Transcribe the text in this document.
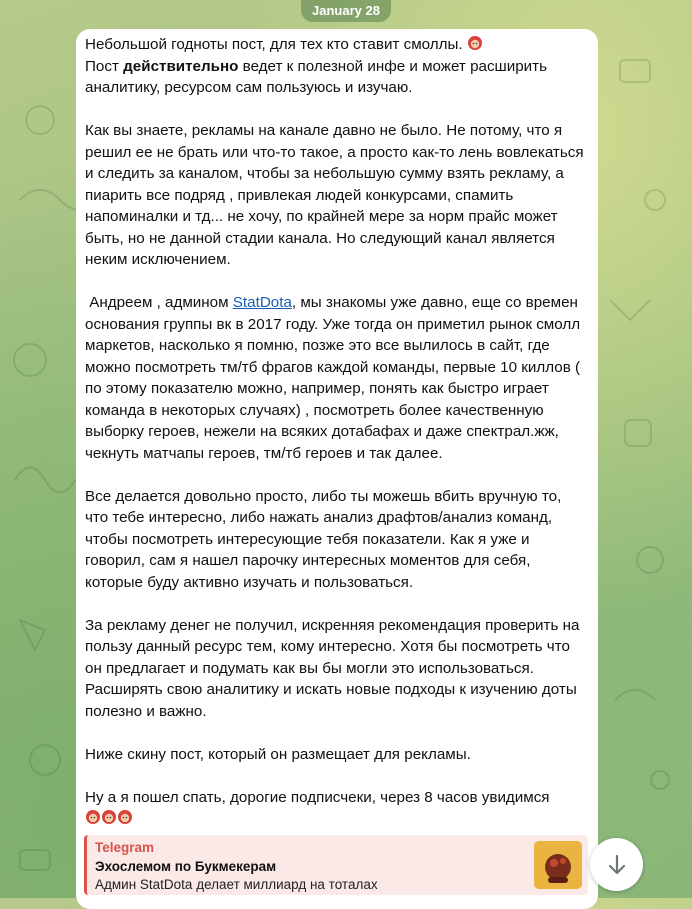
January 28

Небольшой годноты пост, для тех кто ставит смоллы.
Пост действительно ведет к полезной инфе и может расширить аналитику, ресурсом сам пользуюсь и изучаю.

Как вы знаете, рекламы на канале давно не было. Не потому, что я решил ее не брать или что-то такое, а просто как-то лень вовлекаться и следить за каналом, чтобы за небольшую сумму взять рекламу, а пиарить все подряд , привлекая людей конкурсами, спамить напоминалки и тд... не хочу, по крайней мере за норм прайс может быть, но не данной стадии канала. Но следующий канал является неким исключением.

Андреем , админом StatDota, мы знакомы уже давно, еще со времен основания группы вк в 2017 году. Уже тогда он приметил рынок смолл маркетов, насколько я помню, позже это все вылилось в сайт, где можно посмотреть тм/тб фрагов каждой команды, первые 10 киллов ( по этому показателю можно, например, понять как быстро играет команда в некоторых случаях) , посмотреть более качественную выборку героев, нежели на всяких дотабафах и даже спектрал.жж, чекнуть матчапы героев, тм/тб героев и так далее.

Все делается довольно просто, либо ты можешь вбить вручную то, что тебе интересно, либо нажать анализ драфтов/анализ команд, чтобы посмотреть интересующие тебя показатели. Как я уже и говорил, сам я нашел парочку интересных моментов для себя, которые буду активно изучать и пользоваться.

За рекламу денег не получил, искренняя рекомендация проверить на пользу данный ресурс тем, кому интересно. Хотя бы посмотреть что он предлагает и подумать как вы бы могли это использоваться. Расширять свою аналитику и искать новые подходы к изучению доты полезно и важно.

Ниже скину пост, который он размещает для рекламы.

Ну а я пошел спать, дорогие подписчеки, через 8 часов увидимся

Telegram
Эхослемом по Букмекерам
Админ StatDota делает миллиард на тоталах
